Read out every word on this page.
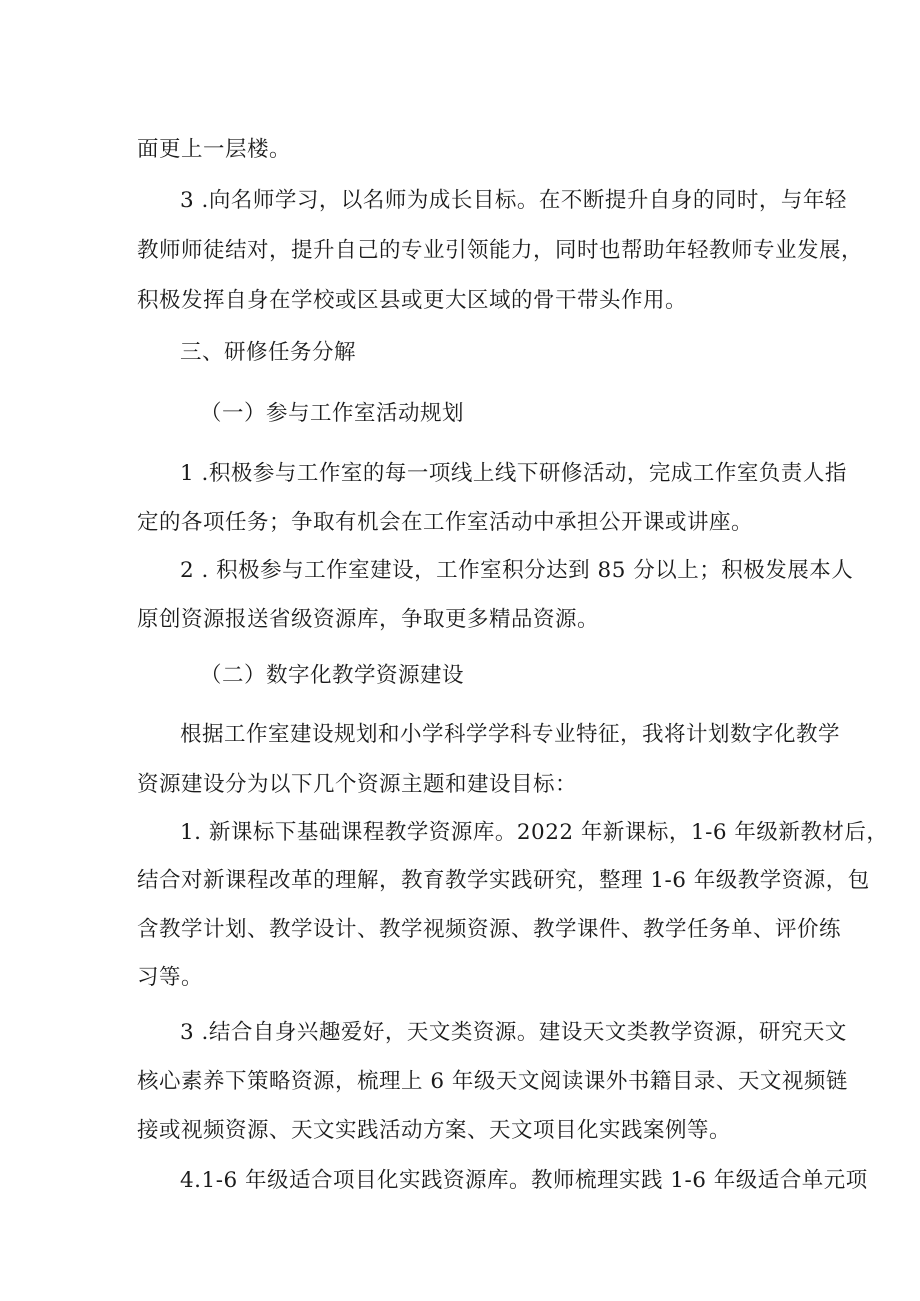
面更上一层楼。
3 .向名师学习，以名师为成长目标。在不断提升自身的同时，与年轻
教师师徒结对，提升自己的专业引领能力，同时也帮助年轻教师专业发展，
积极发挥自身在学校或区县或更大区域的骨干带头作用。
三、研修任务分解
（一）参与工作室活动规划
1 .积极参与工作室的每一项线上线下研修活动，完成工作室负责人指
定的各项任务；争取有机会在工作室活动中承担公开课或讲座。
2 . 积极参与工作室建设，工作室积分达到 85 分以上；积极发展本人
原创资源报送省级资源库，争取更多精品资源。
（二）数字化教学资源建设
根据工作室建设规划和小学科学学科专业特征，我将计划数字化教学
资源建设分为以下几个资源主题和建设目标：
1. 新课标下基础课程教学资源库。2022 年新课标，1-6 年级新教材后，
结合对新课程改革的理解，教育教学实践研究，整理 1-6 年级教学资源，包
含教学计划、教学设计、教学视频资源、教学课件、教学任务单、评价练
习等。
3 .结合自身兴趣爱好，天文类资源。建设天文类教学资源，研究天文
核心素养下策略资源，梳理上 6 年级天文阅读课外书籍目录、天文视频链
接或视频资源、天文实践活动方案、天文项目化实践案例等。
4.1-6 年级适合项目化实践资源库。教师梳理实践 1-6 年级适合单元项
